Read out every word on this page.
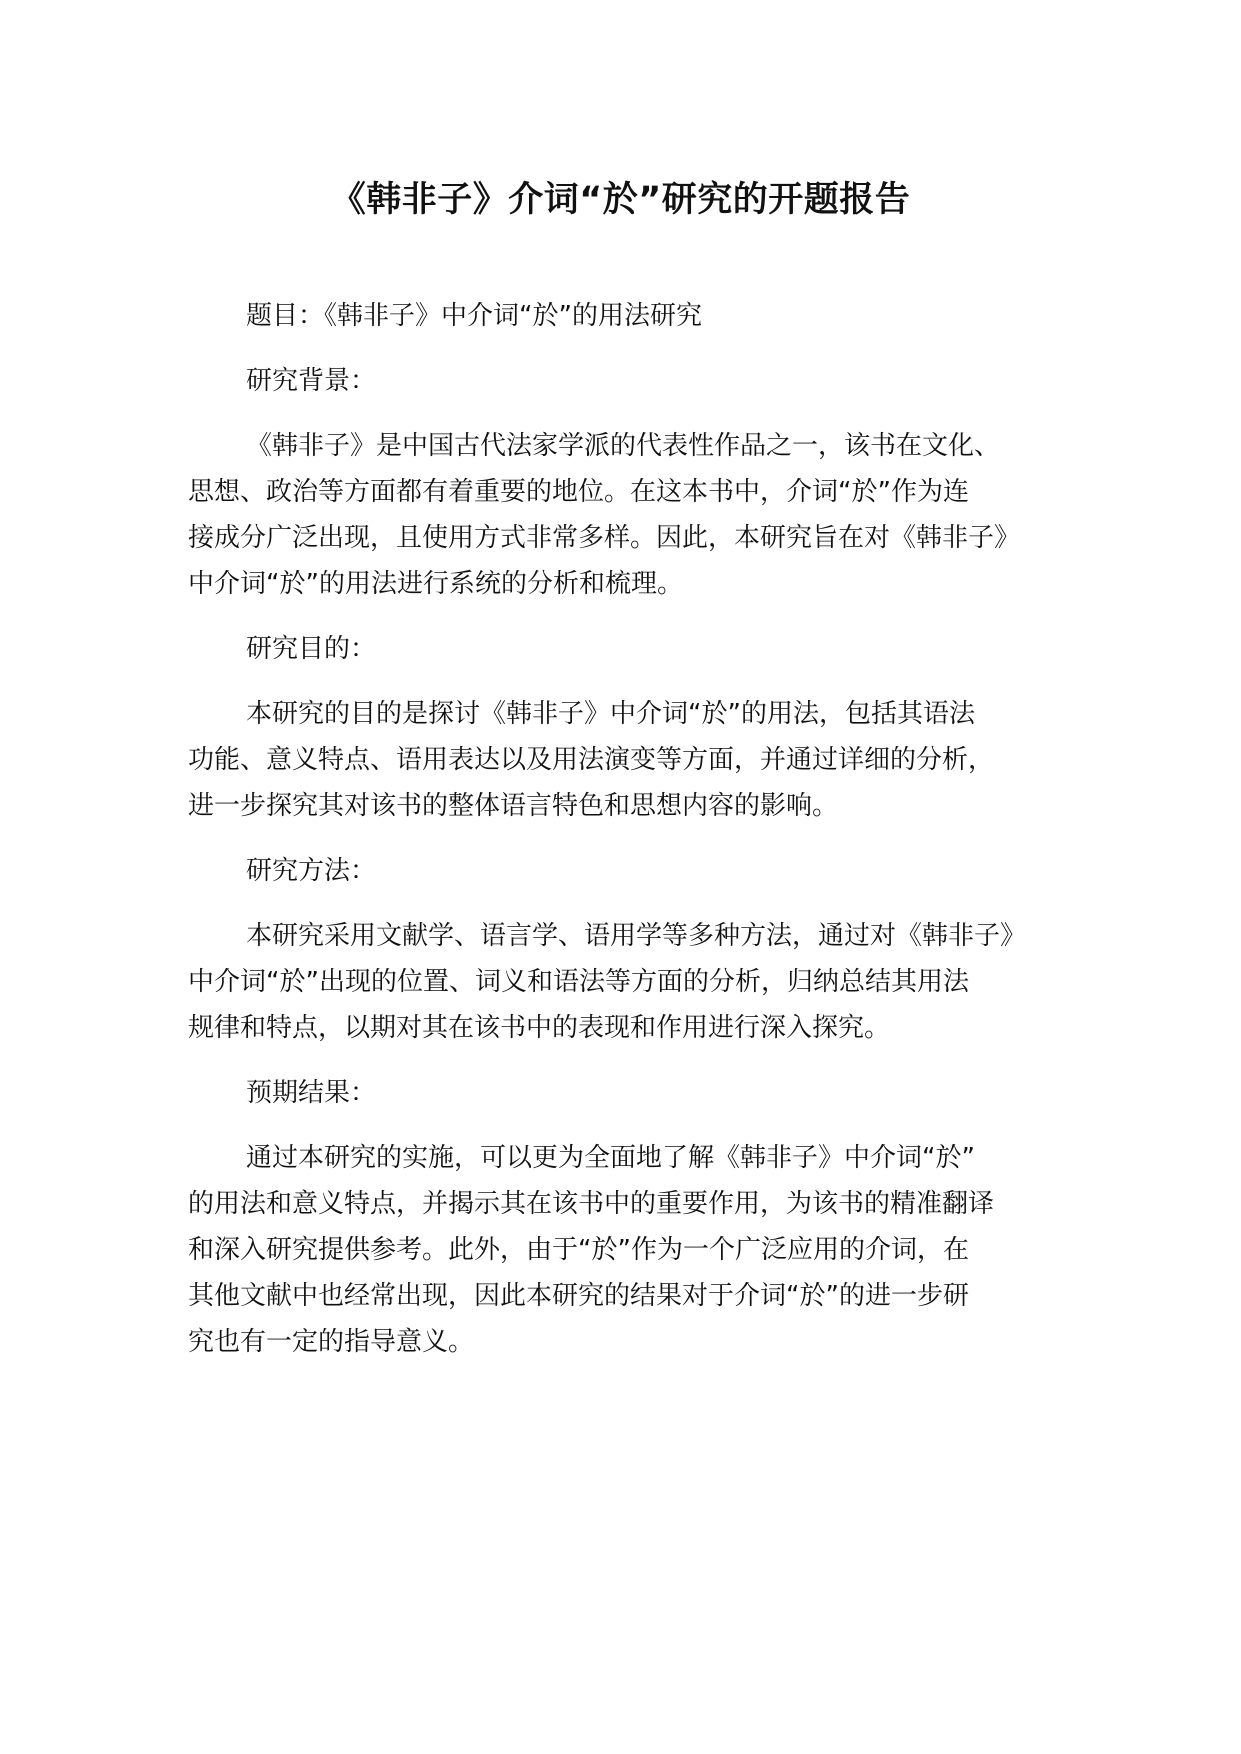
《韩非子》介词“於”研究的开题报告
题目：《韩非子》中介词“於”的用法研究
研究背景：
《韩非子》是中国古代法家学派的代表性作品之一，该书在文化、
思想、政治等方面都有着重要的地位。在这本书中，介词“於”作为连
接成分广泛出现，且使用方式非常多样。因此，本研究旨在对《韩非子》
中介词“於”的用法进行系统的分析和梳理。
研究目的：
本研究的目的是探讨《韩非子》中介词“於”的用法，包括其语法
功能、意义特点、语用表达以及用法演变等方面，并通过详细的分析，
进一步探究其对该书的整体语言特色和思想内容的影响。
研究方法：
本研究采用文献学、语言学、语用学等多种方法，通过对《韩非子》
中介词“於”出现的位置、词义和语法等方面的分析，归纳总结其用法
规律和特点，以期对其在该书中的表现和作用进行深入探究。
预期结果：
通过本研究的实施，可以更为全面地了解《韩非子》中介词“於”
的用法和意义特点，并揭示其在该书中的重要作用，为该书的精准翻译
和深入研究提供参考。此外，由于“於”作为一个广泛应用的介词，在
其他文献中也经常出现，因此本研究的结果对于介词“於”的进一步研
究也有一定的指导意义。
